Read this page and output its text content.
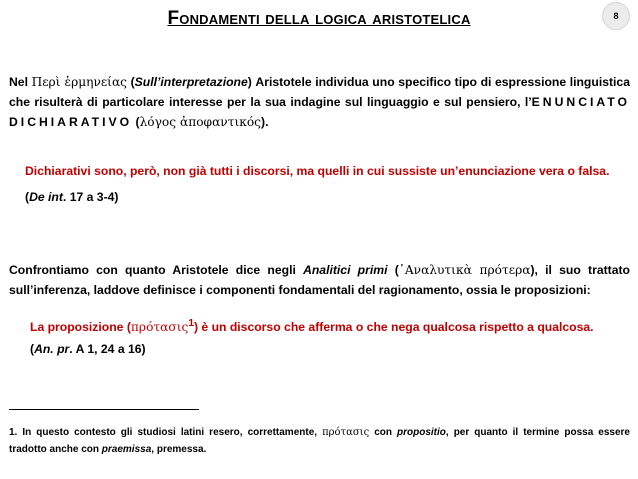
Fondamenti della logica aristotelica	8
Nel Περὶ ἑρμηνείας (Sull’interpretazione) Aristotele individua uno specifico tipo di espressione linguistica che risulterà di particolare interesse per la sua indagine sul linguaggio e sul pensiero, l’ENUNCIATO DICHIARATIVO (λόγος ἀποφαντικός).
Dichiarativi sono, però, non già tutti i discorsi, ma quelli in cui sussiste un’enunciazione vera o falsa.
(De int. 17 a 3-4)
Confrontiamo con quanto Aristotele dice negli Analitici primi (᾿Αναλυτικὰ πρότερα), il suo trattato sull’inferenza, laddove definisce i componenti fondamentali del ragionamento, ossia le proposizioni:
La proposizione (πρότασις$^1$) è un discorso che afferma o che nega qualcosa rispetto a qualcosa.
(An. pr. A 1, 24 a 16)
1. In questo contesto gli studiosi latini resero, correttamente, πρότασις con propositio, per quanto il termine possa essere tradotto anche con praemissa, premessa.
